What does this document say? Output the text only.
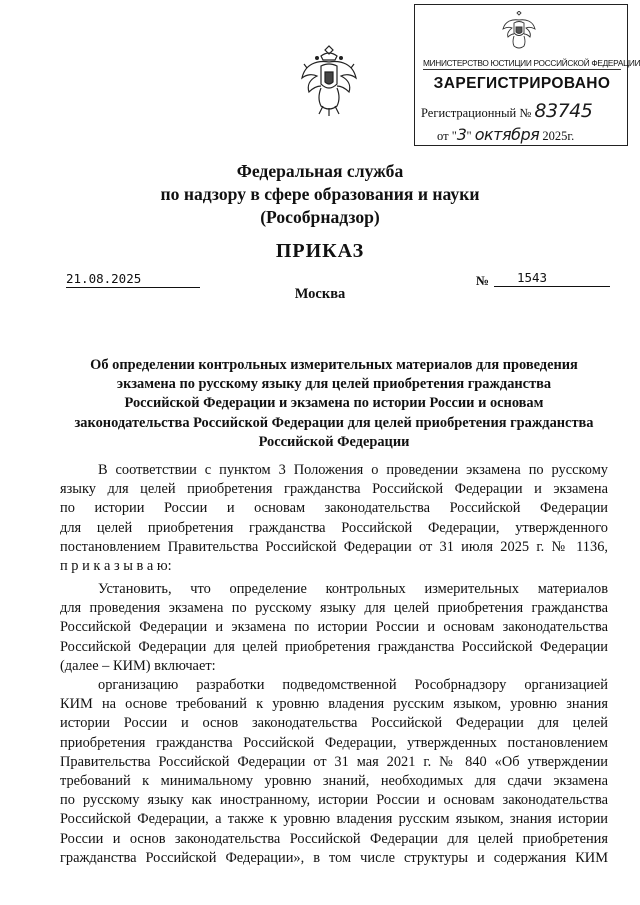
МИНИСТЕРСТВО ЮСТИЦИИ РОССИЙСКОЙ ФЕДЕРАЦИИ
ЗАРЕГИСТРИРОВАНО
Регистрационный № 83745
от "3" октября 2025г.
Федеральная служба
по надзору в сфере образования и науки
(Рособрнадзор)
ПРИКАЗ
21.08.2025	№	1543
Москва
Об определении контрольных измерительных материалов для проведения
экзамена по русскому языку для целей приобретения гражданства
Российской Федерации и экзамена по истории России и основам
законодательства Российской Федерации для целей приобретения гражданства
Российской Федерации
В соответствии с пунктом 3 Положения о проведении экзамена по русскому
языку для целей приобретения гражданства Российской Федерации и экзамена
по истории России и основам законодательства Российской Федерации
для целей приобретения гражданства Российской Федерации, утвержденного
постановлением Правительства Российской Федерации от 31 июля 2025 г. № 1136,
п р и к а з ы в а ю:
Установить, что определение контрольных измерительных материалов
для проведения экзамена по русскому языку для целей приобретения гражданства
Российской Федерации и экзамена по истории России и основам законодательства
Российской Федерации для целей приобретения гражданства Российской Федерации
(далее – КИМ) включает:
организацию разработки подведомственной Рособрнадзору организацией
КИМ на основе требований к уровню владения русским языком, уровню знания
истории России и основ законодательства Российской Федерации для целей
приобретения гражданства Российской Федерации, утвержденных постановлением
Правительства Российской Федерации от 31 мая 2021 г. № 840 «Об утверждении
требований к минимальному уровню знаний, необходимых для сдачи экзамена
по русскому языку как иностранному, истории России и основам законодательства
Российской Федерации, а также к уровню владения русским языком, знания истории
России и основ законодательства Российской Федерации для целей приобретения
гражданства Российской Федерации», в том числе структуры и содержания КИМ
